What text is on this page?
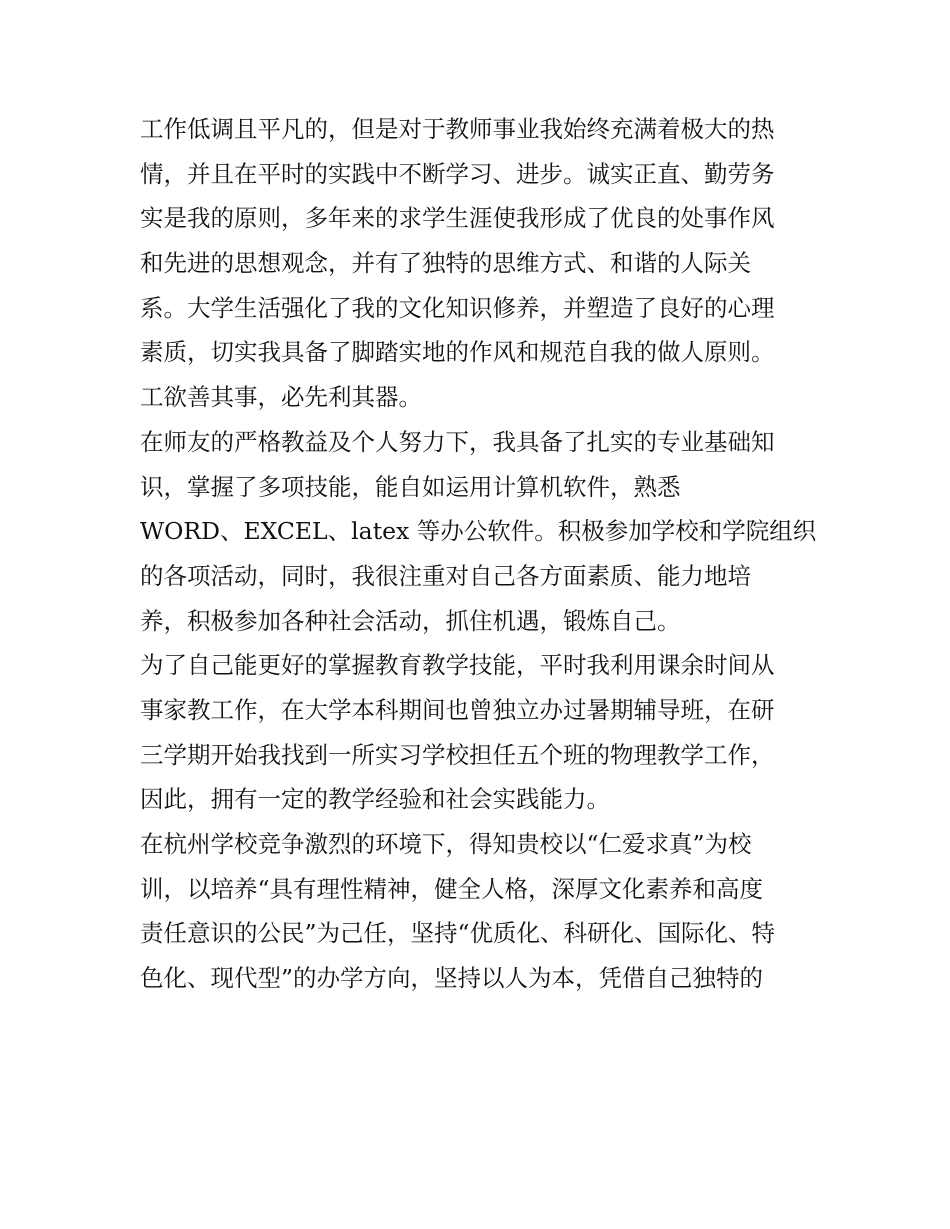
工作低调且平凡的，但是对于教师事业我始终充满着极大的热
情，并且在平时的实践中不断学习、进步。诚实正直、勤劳务
实是我的原则，多年来的求学生涯使我形成了优良的处事作风
和先进的思想观念，并有了独特的思维方式、和谐的人际关
系。大学生活强化了我的文化知识修养，并塑造了良好的心理
素质，切实我具备了脚踏实地的作风和规范自我的做人原则。
工欲善其事，必先利其器。
在师友的严格教益及个人努力下，我具备了扎实的专业基础知
识，掌握了多项技能，能自如运用计算机软件，熟悉
WORD、EXCEL、latex 等办公软件。积极参加学校和学院组织
的各项活动，同时，我很注重对自己各方面素质、能力地培
养，积极参加各种社会活动，抓住机遇，锻炼自己。
为了自己能更好的掌握教育教学技能，平时我利用课余时间从
事家教工作，在大学本科期间也曾独立办过暑期辅导班，在研
三学期开始我找到一所实习学校担任五个班的物理教学工作，
因此，拥有一定的教学经验和社会实践能力。
在杭州学校竞争激烈的环境下，得知贵校以“仁爱求真”为校
训，以培养“具有理性精神，健全人格，深厚文化素养和高度
责任意识的公民”为己任，坚持“优质化、科研化、国际化、特
色化、现代型”的办学方向，坚持以人为本，凭借自己独特的
